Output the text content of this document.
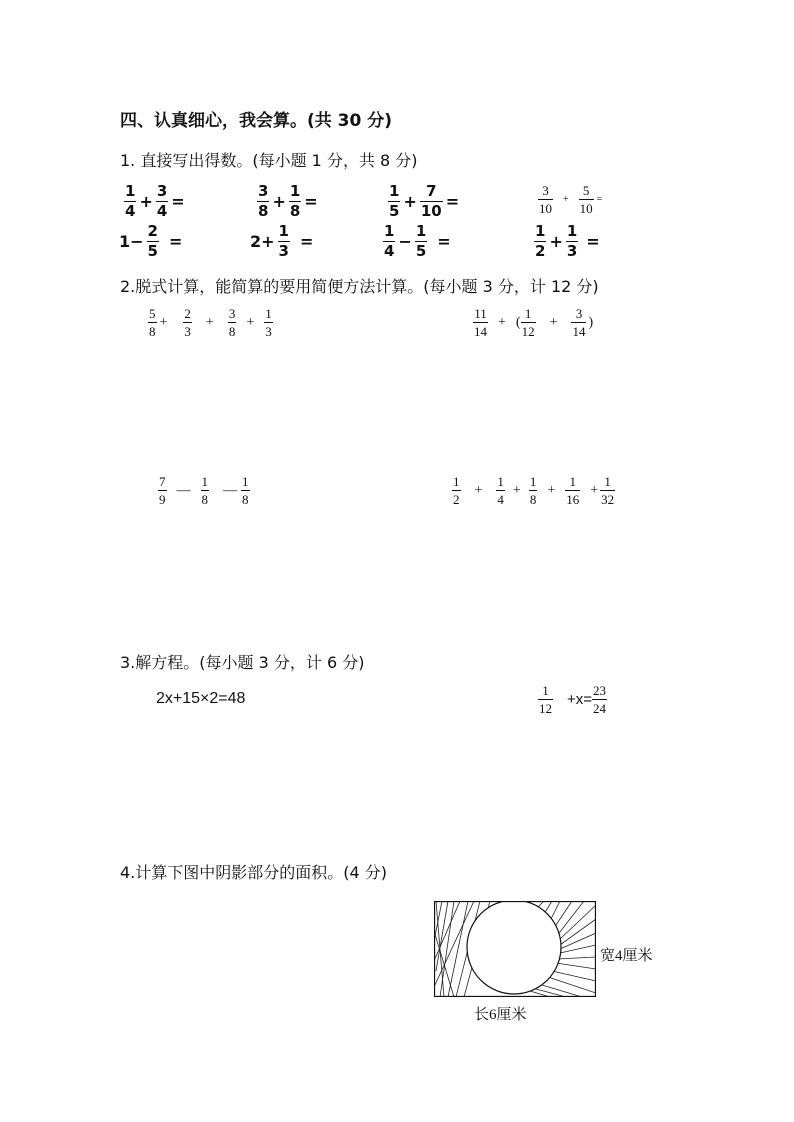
四、认真细心，我会算。(共 30 分)
1. 直接写出得数。(每小题 1 分，共 8 分)
$\frac{1}{4} + \frac{3}{4}$ =	$\frac{3}{8} + \frac{1}{8}$ =	$\frac{1}{5} + \frac{7}{10}$ =	$\frac{3}{10} + \frac{5}{10}$ =
$1- \frac{2}{5}$ =	$2+ \frac{1}{3}$ =	$\frac{1}{4} - \frac{1}{5}$ =	$\frac{1}{2} + \frac{1}{3}$ =
2.脱式计算，能简算的要用简便方法计算。(每小题 3 分，计 12 分)
$\frac{5}{8} + \frac{2}{3} + \frac{3}{8} + \frac{1}{3}$	$\frac{11}{14}$ + ( $\frac{1}{12} + \frac{3}{14}$ )
$\frac{7}{9}$ — $\frac{1}{8}$ — $\frac{1}{8}$	$\frac{1}{2} + \frac{1}{4} + \frac{1}{8} + \frac{1}{16} + \frac{1}{32}$
3.解方程。(每小题 3 分，计 6 分)
2x+15×2=48	$\frac{1}{12} +x= \frac{23}{24}$
4.计算下图中阴影部分的面积。(4 分)
宽4厘米
长6厘米
